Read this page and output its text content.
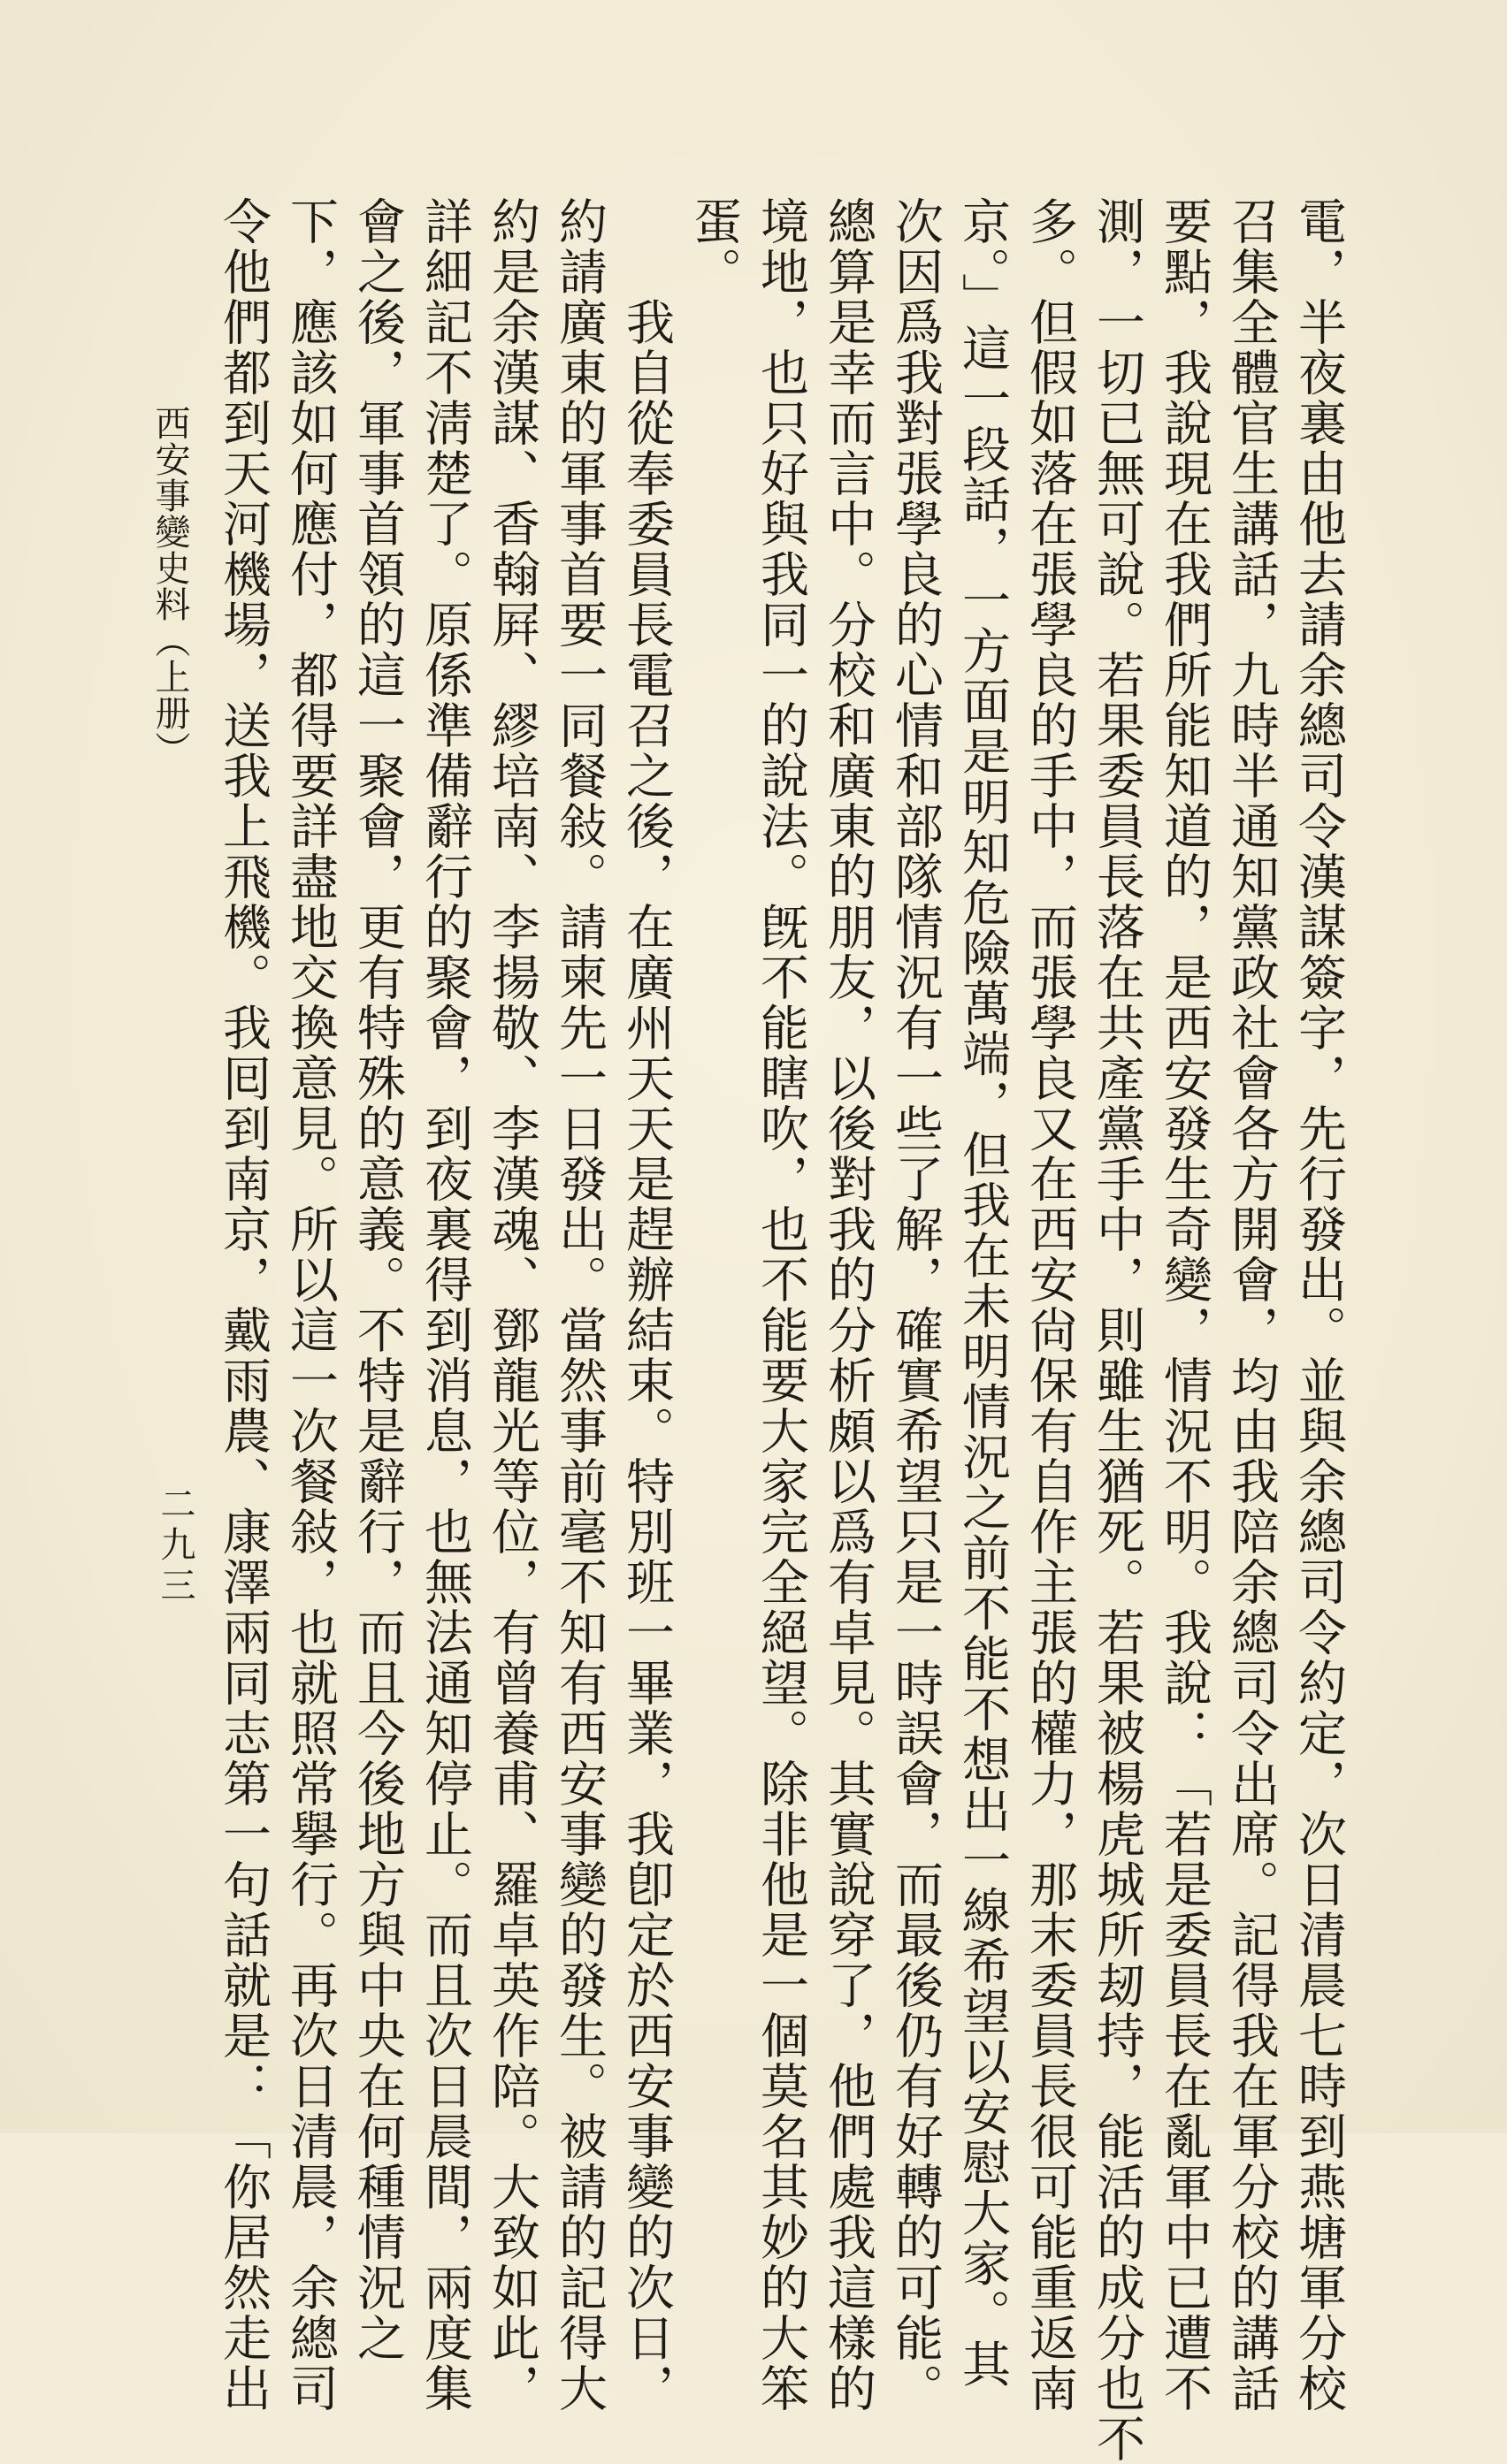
電，半夜裏由他去請余總司令漢謀簽字，先行發出。並與余總司令約定，次日清晨七時到燕塘軍分校
召集全體官生講話，九時半通知黨政社會各方開會，均由我陪余總司令出席。記得我在軍分校的講話
要點，我說現在我們所能知道的，是西安發生奇變，情況不明。我說：「若是委員長在亂軍中已遭不
測，一切已無可說。若果委員長落在共產黨手中，則雖生猶死。若果被楊虎城所刼持，能活的成分也不
多。但假如落在張學良的手中，而張學良又在西安尙保有自作主張的權力，那末委員長很可能重返南
京。」這一段話，一方面是明知危險萬端，但我在未明情況之前不能不想出一線希望以安慰大家。其
次因爲我對張學良的心情和部隊情況有一些了解，確實希望只是一時誤會，而最後仍有好轉的可能。
總算是幸而言中。分校和廣東的朋友，以後對我的分析頗以爲有卓見。其實說穿了，他們處我這樣的
境地，也只好與我同一的說法。旣不能瞎吹，也不能要大家完全絕望。除非他是一個莫名其妙的大笨
蛋。
　　我自從奉委員長電召之後，在廣州天天是趕辦結束。特別班一畢業，我卽定於西安事變的次日，
約請廣東的軍事首要一同餐敍。請柬先一日發出。當然事前毫不知有西安事變的發生。被請的記得大
約是余漢謀、香翰屛、繆培南、李揚敬、李漢魂、鄧龍光等位，有曾養甫、羅卓英作陪。大致如此，
詳細記不淸楚了。原係準備辭行的聚會，到夜裏得到消息，也無法通知停止。而且次日晨間，兩度集
會之後，軍事首領的這一聚會，更有特殊的意義。不特是辭行，而且今後地方與中央在何種情況之
下，應該如何應付，都得要詳盡地交換意見。所以這一次餐敍，也就照常擧行。再次日清晨，余總司
令他們都到天河機場，送我上飛機。我囘到南京，戴雨農、康澤兩同志第一句話就是：「你居然走出
西安事變史料（上册）
二九三
